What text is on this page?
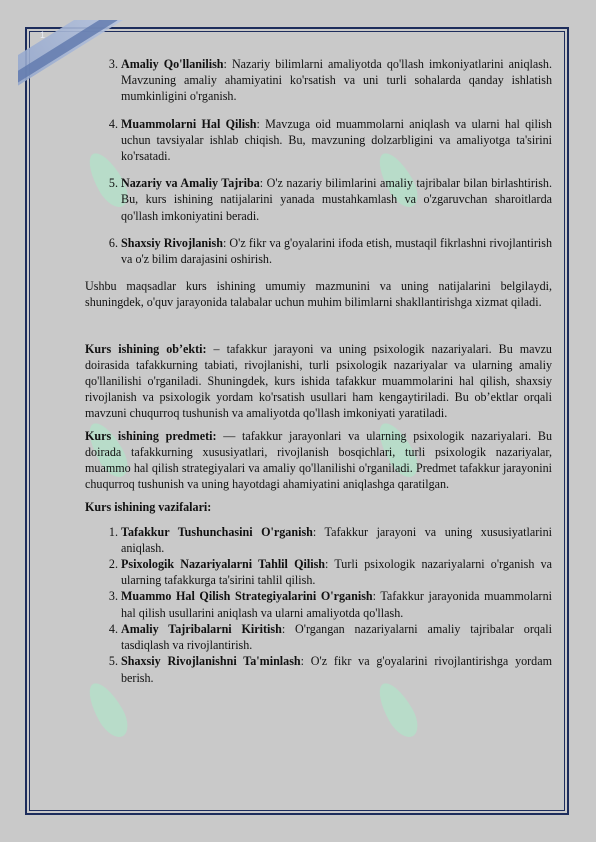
1
3. Amaliy Qo'llanilish: Nazariy bilimlarni amaliyotda qo'llash imkoniyatlarini aniqlash. Mavzuning amaliy ahamiyatini ko'rsatish va uni turli sohalarda qanday ishlatish mumkinligini o'rganish.
4. Muammolarni Hal Qilish: Mavzuga oid muammolarni aniqlash va ularni hal qilish uchun tavsiyalar ishlab chiqish. Bu, mavzuning dolzarbligini va amaliyotga ta'sirini ko'rsatadi.
5. Nazariy va Amaliy Tajriba: O'z nazariy bilimlarini amaliy tajribalar bilan birlashtirish. Bu, kurs ishining natijalarini yanada mustahkamlash va o'zgaruvchan sharoitlarda qo'llash imkoniyatini beradi.
6. Shaxsiy Rivojlanish: O'z fikr va g'oyalarini ifoda etish, mustaqil fikrlashni rivojlantirish va o'z bilim darajasini oshirish.

Ushbu maqsadlar kurs ishining umumiy mazmunini va uning natijalarini belgilaydi, shuningdek, o'quv jarayonida talabalar uchun muhim bilimlarni shakllantirishga xizmat qiladi.

Kurs ishining ob’ekti: – tafakkur jarayoni va uning psixologik nazariyalari. Bu mavzu doirasida tafakkurning tabiati, rivojlanishi, turli psixologik nazariyalar va ularning amaliy qo'llanilishi o'rganiladi. Shuningdek, kurs ishida tafakkur muammolarini hal qilish, shaxsiy rivojlanish va psixologik yordam ko'rsatish usullari ham kengaytiriladi. Bu ob’ektlar orqali mavzuni chuqurroq tushunish va amaliyotda qo'llash imkoniyati yaratiladi.

Kurs ishining predmeti: — tafakkur jarayonlari va ularning psixologik nazariyalari. Bu doirada tafakkurning xususiyatlari, rivojlanish bosqichlari, turli psixologik nazariyalar, muammo hal qilish strategiyalari va amaliy qo'llanilishi o'rganiladi. Predmet tafakkur jarayonini chuqurroq tushunish va uning hayotdagi ahamiyatini aniqlashga qaratilgan.

Kurs ishining vazifalari:

1. Tafakkur Tushunchasini O'rganish: Tafakkur jarayoni va uning xususiyatlarini aniqlash.
2. Psixologik Nazariyalarni Tahlil Qilish: Turli psixologik nazariyalarni o'rganish va ularning tafakkurga ta'sirini tahlil qilish.
3. Muammo Hal Qilish Strategiyalarini O'rganish: Tafakkur jarayonida muammolarni hal qilish usullarini aniqlash va ularni amaliyotda qo'llash.
4. Amaliy Tajribalarni Kiritish: O'rgangan nazariyalarni amaliy tajribalar orqali tasdiqlash va rivojlantirish.
5. Shaxsiy Rivojlanishni Ta'minlash: O'z fikr va g'oyalarini rivojlantirishga yordam berish.
